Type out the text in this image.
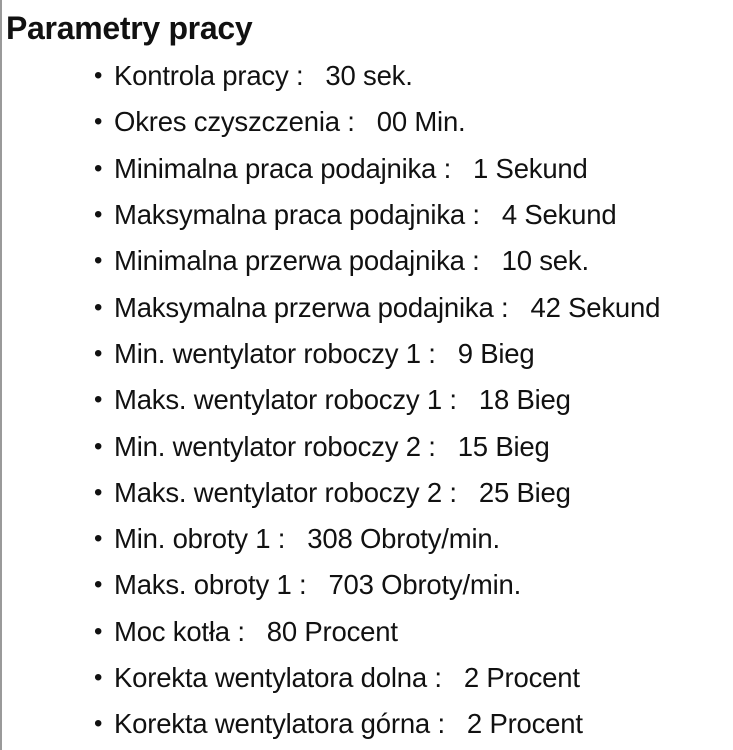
Parametry pracy
• Kontrola pracy : 30 sek.
• Okres czyszczenia : 00 Min.
• Minimalna praca podajnika : 1 Sekund
• Maksymalna praca podajnika : 4 Sekund
• Minimalna przerwa podajnika : 10 sek.
• Maksymalna przerwa podajnika : 42 Sekund
• Min. wentylator roboczy 1 : 9 Bieg
• Maks. wentylator roboczy 1 : 18 Bieg
• Min. wentylator roboczy 2 : 15 Bieg
• Maks. wentylator roboczy 2 : 25 Bieg
• Min. obroty 1 : 308 Obroty/min.
• Maks. obroty 1 : 703 Obroty/min.
• Moc kotła : 80 Procent
• Korekta wentylatora dolna : 2 Procent
• Korekta wentylatora górna : 2 Procent
